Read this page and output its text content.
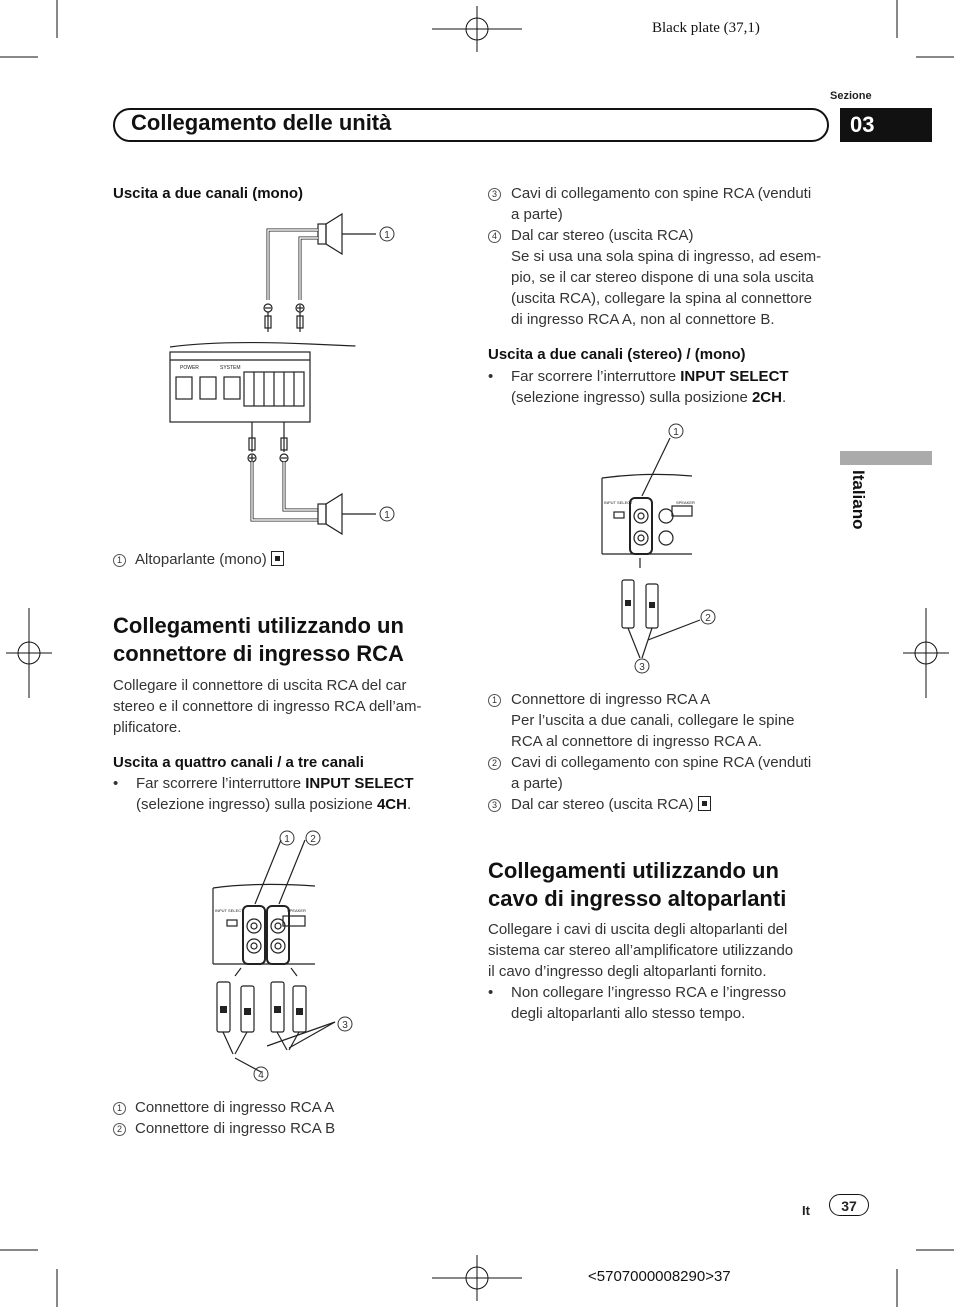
Black plate (37,1)
Sezione
Collegamento delle unità	03
Italiano
Uscita a due canali (mono)
POWER	SYSTEM
1
1
1 Altoparlante (mono)
Collegamenti utilizzando un
connettore di ingresso RCA
Collegare il connettore di uscita RCA del car
stereo e il connettore di ingresso RCA dell’am-
plificatore.
Uscita a quattro canali / a tre canali
• Far scorrere l’interruttore INPUT SELECT
(selezione ingresso) sulla posizione 4CH.
INPUT SELECT	SPEAKER
1 2
3
4
1 Connettore di ingresso RCA A
2 Connettore di ingresso RCA B
3 Cavi di collegamento con spine RCA (venduti
a parte)
4 Dal car stereo (uscita RCA)
Se si usa una sola spina di ingresso, ad esem-
pio, se il car stereo dispone di una sola uscita
(uscita RCA), collegare la spina al connettore
di ingresso RCA A, non al connettore B.
Uscita a due canali (stereo) / (mono)
• Far scorrere l’interruttore INPUT SELECT
(selezione ingresso) sulla posizione 2CH.
INPUT SELECT	SPEAKER
1
2
3
1 Connettore di ingresso RCA A
Per l’uscita a due canali, collegare le spine
RCA al connettore di ingresso RCA A.
2 Cavi di collegamento con spine RCA (venduti
a parte)
3 Dal car stereo (uscita RCA)
Collegamenti utilizzando un
cavo di ingresso altoparlanti
Collegare i cavi di uscita degli altoparlanti del
sistema car stereo all’amplificatore utilizzando
il cavo d’ingresso degli altoparlanti fornito.
• Non collegare l’ingresso RCA e l’ingresso
degli altoparlanti allo stesso tempo.
It	37
<5707000008290>37
